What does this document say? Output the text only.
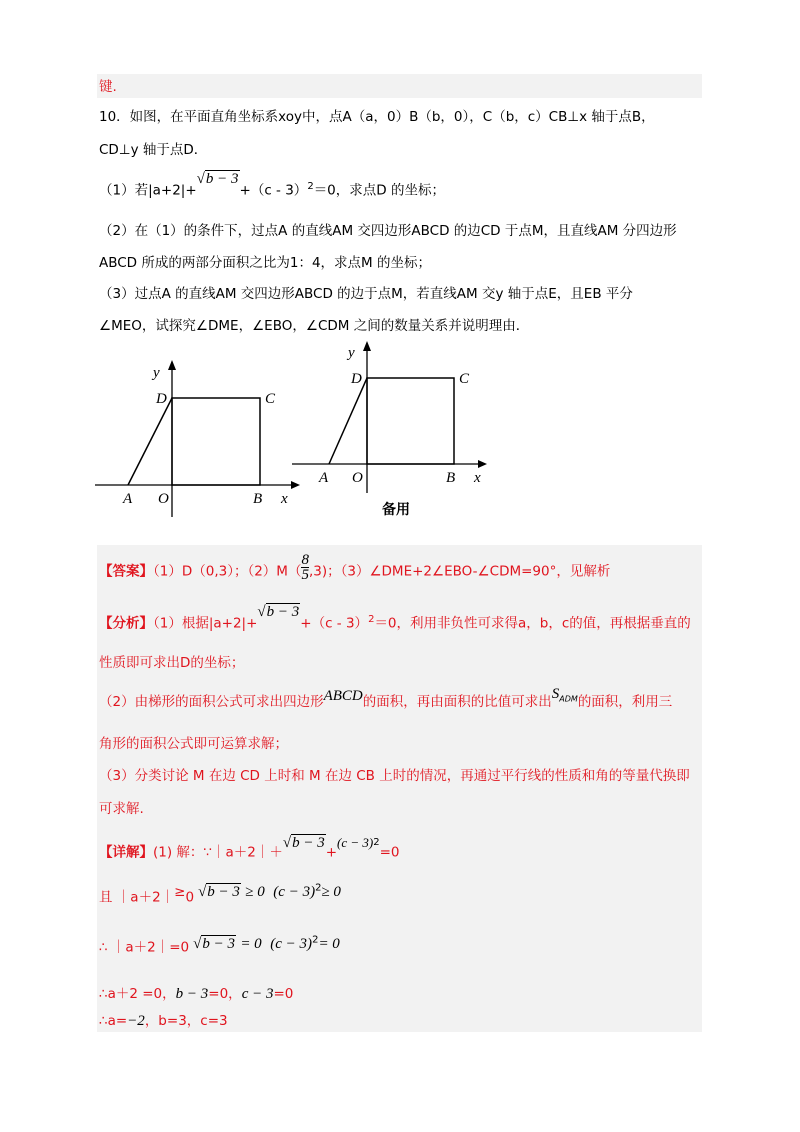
键.
10．如图，在平面直角坐标系xoy中，点A（a，0）B（b，0），C（b，c）CB⊥x 轴于点B，
CD⊥y 轴于点D．
（1）若|a+2|+√b − 3+（c - 3）$^2$＝0，求点D 的坐标；
（2）在（1）的条件下，过点A 的直线AM 交四边形ABCD 的边CD 于点M，且直线AM 分四边形
ABCD 所成的两部分面积之比为1：4，求点M 的坐标；
（3）过点A 的直线AM 交四边形ABCD 的边于点M，若直线AM 交y 轴于点E，且EB 平分
∠MEO，试探究∠DME，∠EBO，∠CDM 之间的数量关系并说明理由．
y
D	C
A O	B x
y
D	C
A O	B x
备用
【答案】（1）D（0,3）；$(2)M( \frac{8}{5} ,3)$；（3）∠DME+2∠EBO-∠CDM=90°，见解析
【分析】（1）根据|a+2|+√b − 3+（c - 3）$^2$＝0，利用非负性可求得a，b，c的值，再根据垂直的
性质即可求出D的坐标；
（2）由梯形的面积公式可求出四边形ABCD的面积，再由面积的比值可求出$S_{ADM}$的面积，利用三
角形的面积公式即可运算求解；
（3）分类讨论 M 在边 CD 上时和 M 在边 CB 上时的情况，再通过平行线的性质和角的等量代换即
可求解.
【详解】(1) 解：∵｜a＋2｜＋√b − $3+(c - 3)^2=0$
且 ｜a＋2｜≥0 √b − 3 ≥ 0 $(c - 3)^2\ge 0$
∴ ｜a＋2｜=0 √b − 3 = 0 $(c - 3)^2= 0$
∴a＋2 =0，b − 3=0，c − 3=0
∴a=−2，b=3，c=3
